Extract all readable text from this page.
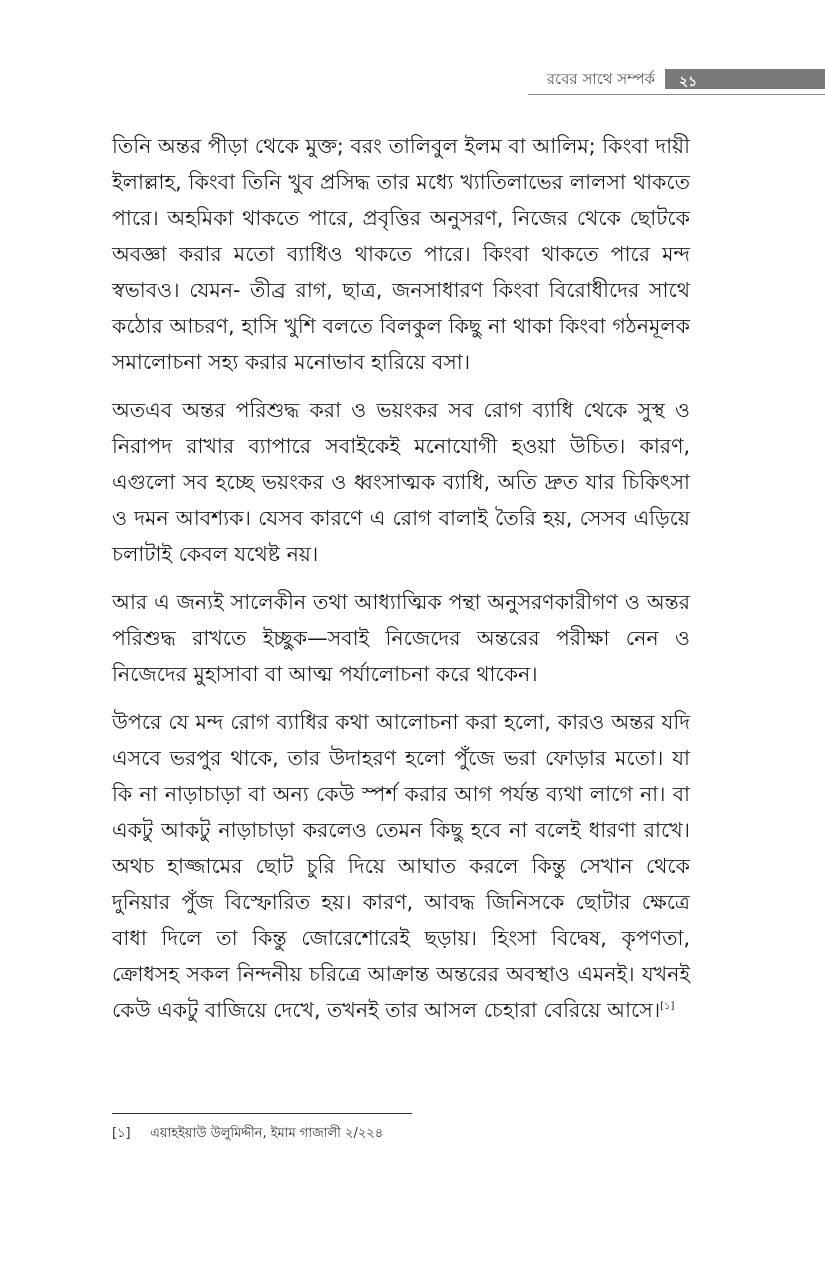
রবের সাথে সম্পর্ক ২১

তিনি অন্তর পীড়া থেকে মুক্ত; বরং তালিবুল ইলম বা আলিম; কিংবা দায়ী ইলাল্লাহ, কিংবা তিনি খুব প্রসিদ্ধ তার মধ্যে খ্যাতিলাভের লালসা থাকতে পারে। অহমিকা থাকতে পারে, প্রবৃত্তির অনুসরণ, নিজের থেকে ছোটকে অবজ্ঞা করার মতো ব্যাধিও থাকতে পারে। কিংবা থাকতে পারে মন্দ স্বভাবও। যেমন- তীব্র রাগ, ছাত্র, জনসাধারণ কিংবা বিরোধীদের সাথে কঠোর আচরণ, হাসি খুশি বলতে বিলকুল কিছু না থাকা কিংবা গঠনমূলক সমালোচনা সহ্য করার মনোভাব হারিয়ে বসা।

অতএব অন্তর পরিশুদ্ধ করা ও ভয়ংকর সব রোগ ব্যাধি থেকে সুস্থ ও নিরাপদ রাখার ব্যাপারে সবাইকেই মনোযোগী হওয়া উচিত। কারণ, এগুলো সব হচ্ছে ভয়ংকর ও ধ্বংসাত্মক ব্যাধি, অতি দ্রুত যার চিকিৎসা ও দমন আবশ্যক। যেসব কারণে এ রোগ বালাই তৈরি হয়, সেসব এড়িয়ে চলাটাই কেবল যথেষ্ট নয়।

আর এ জন্যই সালেকীন তথা আধ্যাত্মিক পন্থা অনুসরণকারীগণ ও অন্তর পরিশুদ্ধ রাখতে ইচ্ছুক—সবাই নিজেদের অন্তরের পরীক্ষা নেন ও নিজেদের মুহাসাবা বা আত্ম পর্যালোচনা করে থাকেন।

উপরে যে মন্দ রোগ ব্যাধির কথা আলোচনা করা হলো, কারও অন্তর যদি এসবে ভরপুর থাকে, তার উদাহরণ হলো পুঁজে ভরা ফোড়ার মতো। যা কি না নাড়াচাড়া বা অন্য কেউ স্পর্শ করার আগ পর্যন্ত ব্যথা লাগে না। বা একটু আকটু নাড়াচাড়া করলেও তেমন কিছু হবে না বলেই ধারণা রাখে। অথচ হাজ্জামের ছোট চুরি দিয়ে আঘাত করলে কিন্তু সেখান থেকে দুনিয়ার পুঁজ বিস্ফোরিত হয়। কারণ, আবদ্ধ জিনিসকে ছোটার ক্ষেত্রে বাধা দিলে তা কিন্তু জোরেশোরেই ছড়ায়। হিংসা বিদ্বেষ, কৃপণতা, ক্রোধসহ সকল নিন্দনীয় চরিত্রে আক্রান্ত অন্তরের অবস্থাও এমনই। যখনই কেউ একটু বাজিয়ে দেখে, তখনই তার আসল চেহারা বেরিয়ে আসে।[১]

[১] এয়াহইয়াউ উলুমিদ্দীন, ইমাম গাজালী ২/২২৪
